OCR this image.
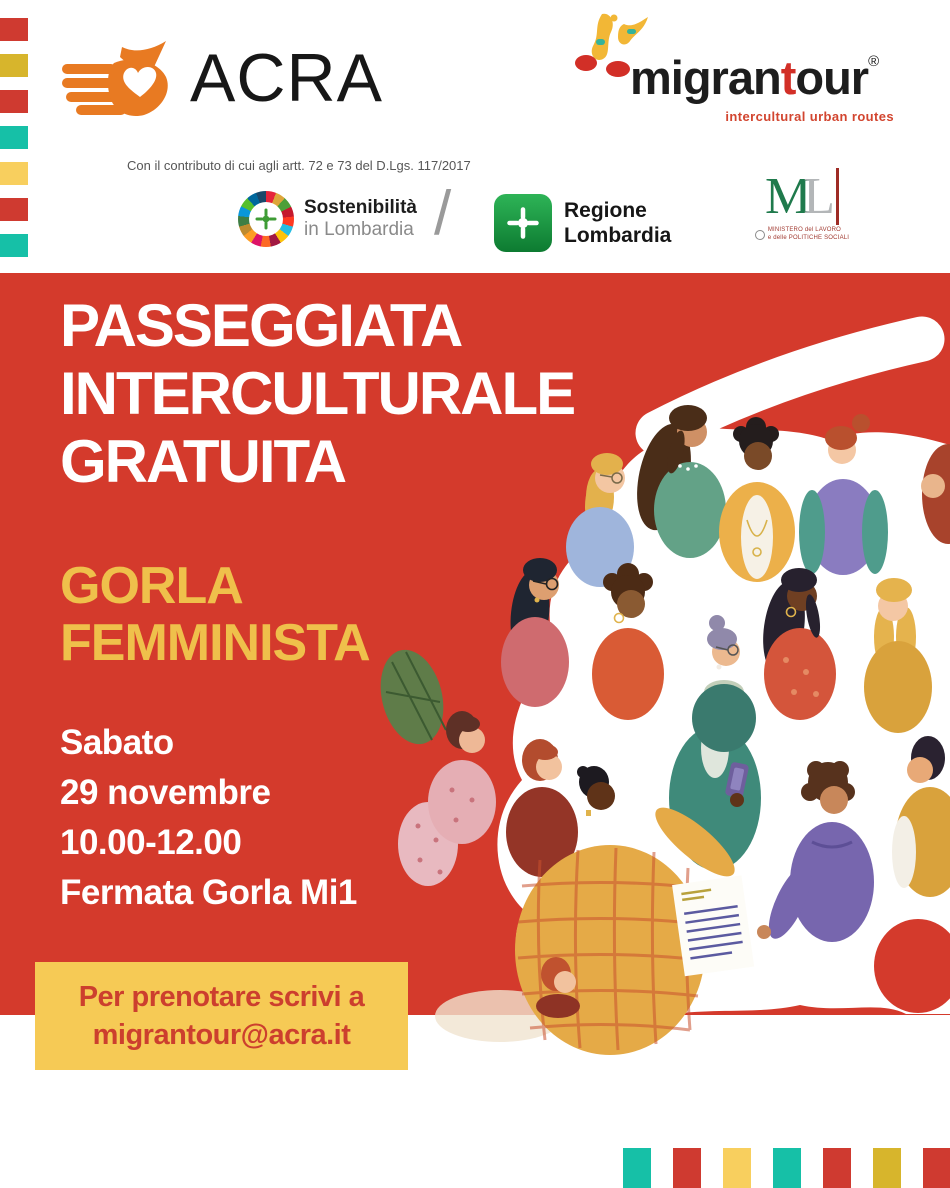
ACRA	migrantour®
intercultural urban routes
Con il contributo di cui agli artt. 72 e 73 del D.Lgs. 117/2017
Sostenibilità
in Lombardia /	Regione
Lombardia
ML
MINISTERO del LAVORO
e delle POLITICHE SOCIALI
PASSEGGIATA
INTERCULTURALE
GRATUITA
GORLA
FEMMINISTA
Sabato
29 novembre
10.00-12.00
Fermata Gorla Mi1
Per prenotare scrivi a
migrantour@acra.it
